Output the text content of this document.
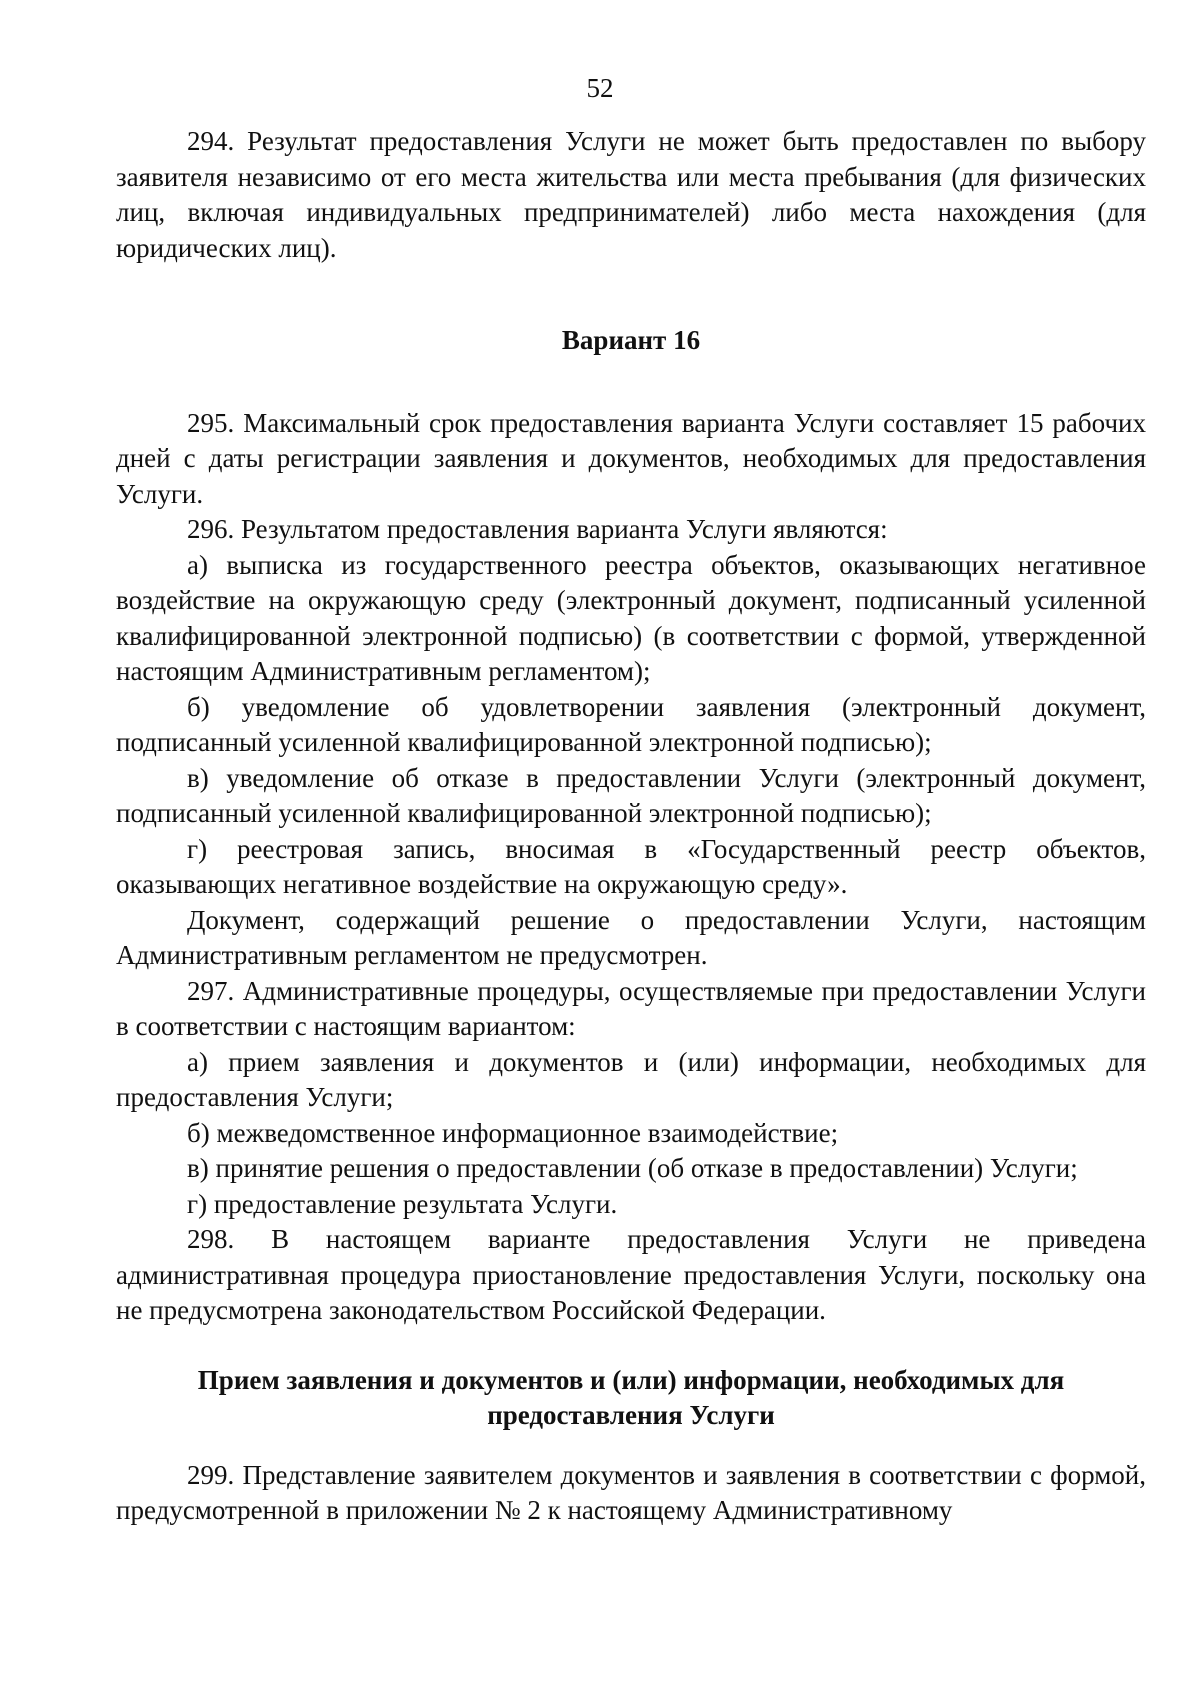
52

294. Результат предоставления Услуги не может быть предоставлен по выбору заявителя независимо от его места жительства или места пребывания (для физических лиц, включая индивидуальных предпринимателей) либо места нахождения (для юридических лиц).

Вариант 16

295. Максимальный срок предоставления варианта Услуги составляет 15 рабочих дней с даты регистрации заявления и документов, необходимых для предоставления Услуги.

296. Результатом предоставления варианта Услуги являются:

а) выписка из государственного реестра объектов, оказывающих негативное воздействие на окружающую среду (электронный документ, подписанный усиленной квалифицированной электронной подписью) (в соответствии с формой, утвержденной настоящим Административным регламентом);

б) уведомление об удовлетворении заявления (электронный документ, подписанный усиленной квалифицированной электронной подписью);

в) уведомление об отказе в предоставлении Услуги (электронный документ, подписанный усиленной квалифицированной электронной подписью);

г) реестровая запись, вносимая в «Государственный реестр объектов, оказывающих негативное воздействие на окружающую среду».

Документ, содержащий решение о предоставлении Услуги, настоящим Административным регламентом не предусмотрен.

297. Административные процедуры, осуществляемые при предоставлении Услуги в соответствии с настоящим вариантом:

а) прием заявления и документов и (или) информации, необходимых для предоставления Услуги;

б) межведомственное информационное взаимодействие;

в) принятие решения о предоставлении (об отказе в предоставлении) Услуги;

г) предоставление результата Услуги.

298. В настоящем варианте предоставления Услуги не приведена административная процедура приостановление предоставления Услуги, поскольку она не предусмотрена законодательством Российской Федерации.

Прием заявления и документов и (или) информации, необходимых для
предоставления Услуги

299. Представление заявителем документов и заявления в соответствии с формой, предусмотренной в приложении № 2 к настоящему Административному
